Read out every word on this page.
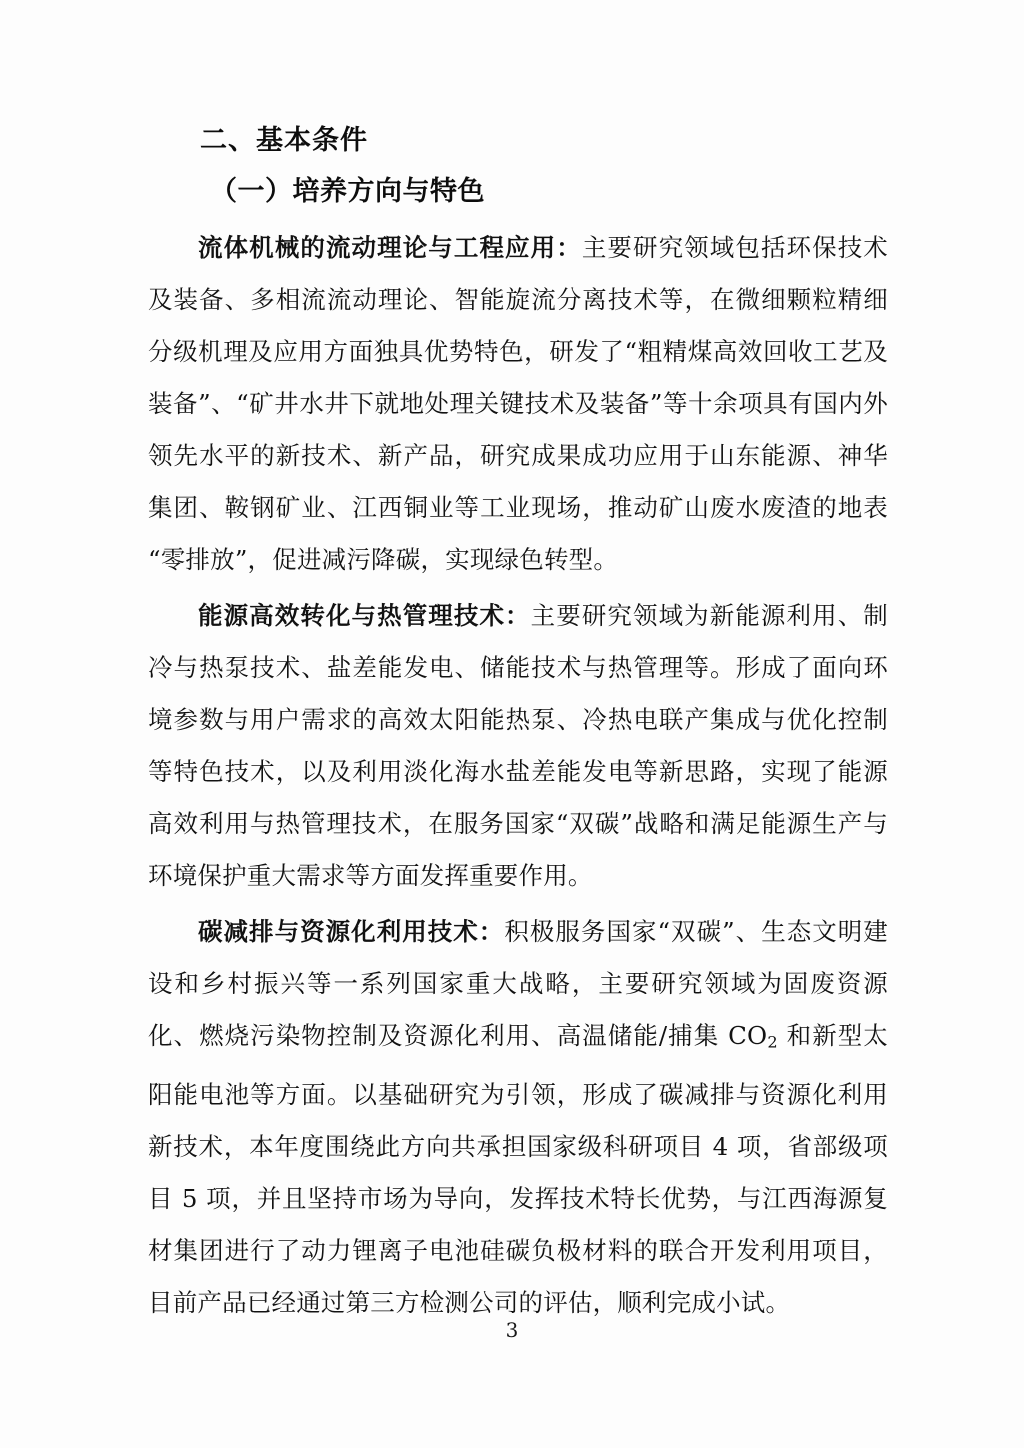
二、基本条件
（一）培养方向与特色

流体机械的流动理论与工程应用：主要研究领域包括环保技术及装备、多相流流动理论、智能旋流分离技术等，在微细颗粒精细分级机理及应用方面独具优势特色，研发了“粗精煤高效回收工艺及装备”、“矿井水井下就地处理关键技术及装备”等十余项具有国内外领先水平的新技术、新产品，研究成果成功应用于山东能源、神华集团、鞍钢矿业、江西铜业等工业现场，推动矿山废水废渣的地表“零排放”，促进减污降碳，实现绿色转型。

能源高效转化与热管理技术：主要研究领域为新能源利用、制冷与热泵技术、盐差能发电、储能技术与热管理等。形成了面向环境参数与用户需求的高效太阳能热泵、冷热电联产集成与优化控制等特色技术，以及利用淡化海水盐差能发电等新思路，实现了能源高效利用与热管理技术，在服务国家“双碳”战略和满足能源生产与环境保护重大需求等方面发挥重要作用。

碳减排与资源化利用技术：积极服务国家“双碳”、生态文明建设和乡村振兴等一系列国家重大战略，主要研究领域为固废资源化、燃烧污染物控制及资源化利用、高温储能/捕集 $CO_2$ 和新型太阳能电池等方面。以基础研究为引领，形成了碳减排与资源化利用新技术，本年度围绕此方向共承担国家级科研项目 4 项，省部级项目 5 项，并且坚持市场为导向，发挥技术特长优势，与江西海源复材集团进行了动力锂离子电池硅碳负极材料的联合开发利用项目，目前产品已经通过第三方检测公司的评估，顺利完成小试。

3
